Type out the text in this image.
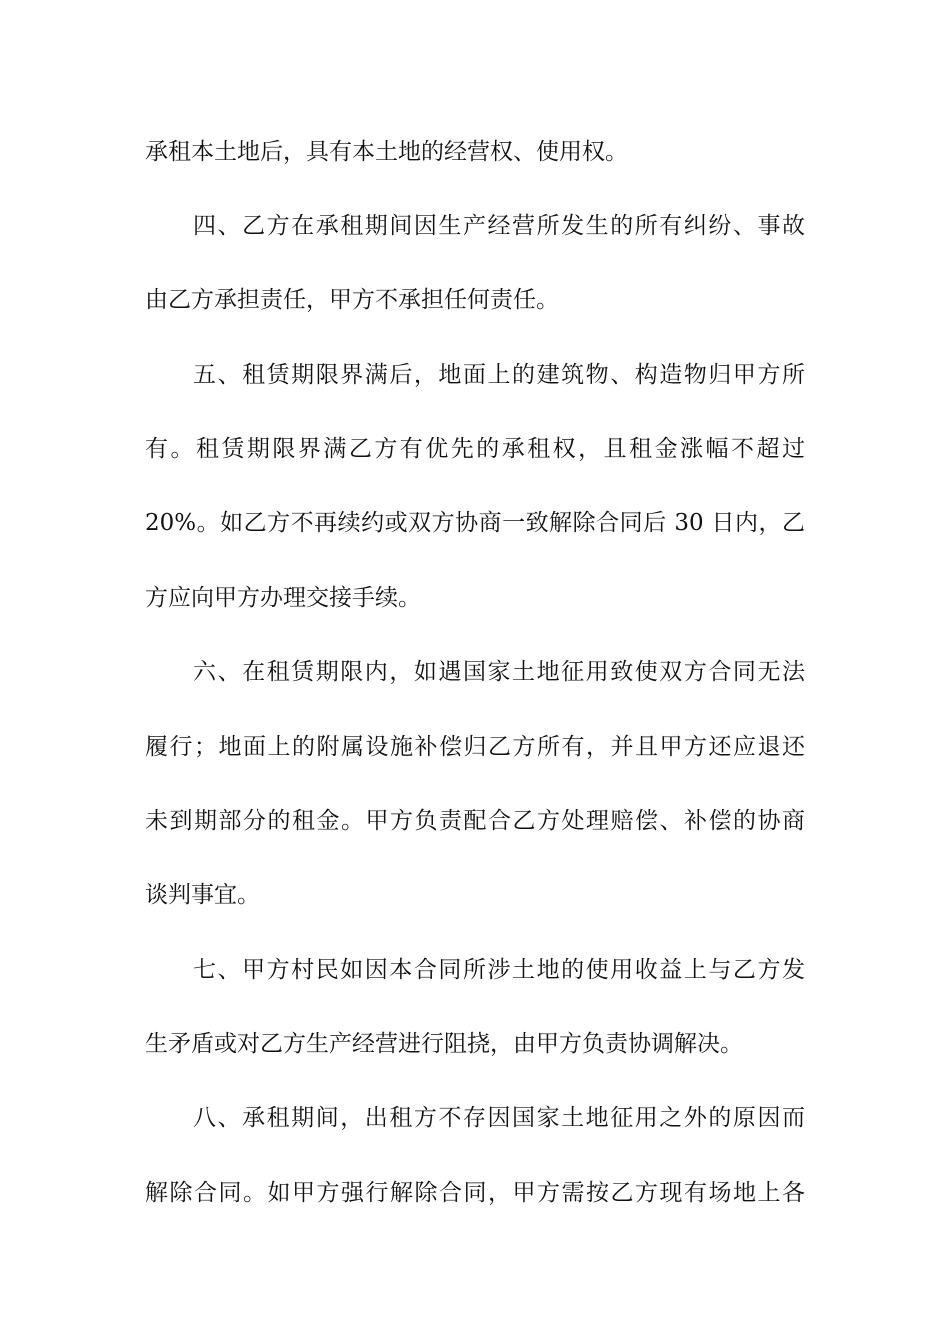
承租本土地后，具有本土地的经营权、使用权。
四、乙方在承租期间因生产经营所发生的所有纠纷、事故
由乙方承担责任，甲方不承担任何责任。
五、租赁期限界满后，地面上的建筑物、构造物归甲方所
有。租赁期限界满乙方有优先的承租权，且租金涨幅不超过
20%。如乙方不再续约或双方协商一致解除合同后 30 日内，乙
方应向甲方办理交接手续。
六、在租赁期限内，如遇国家土地征用致使双方合同无法
履行；地面上的附属设施补偿归乙方所有，并且甲方还应退还
未到期部分的租金。甲方负责配合乙方处理赔偿、补偿的协商
谈判事宜。
七、甲方村民如因本合同所涉土地的使用收益上与乙方发
生矛盾或对乙方生产经营进行阻挠，由甲方负责协调解决。
八、承租期间，出租方不存因国家土地征用之外的原因而
解除合同。如甲方强行解除合同，甲方需按乙方现有场地上各
